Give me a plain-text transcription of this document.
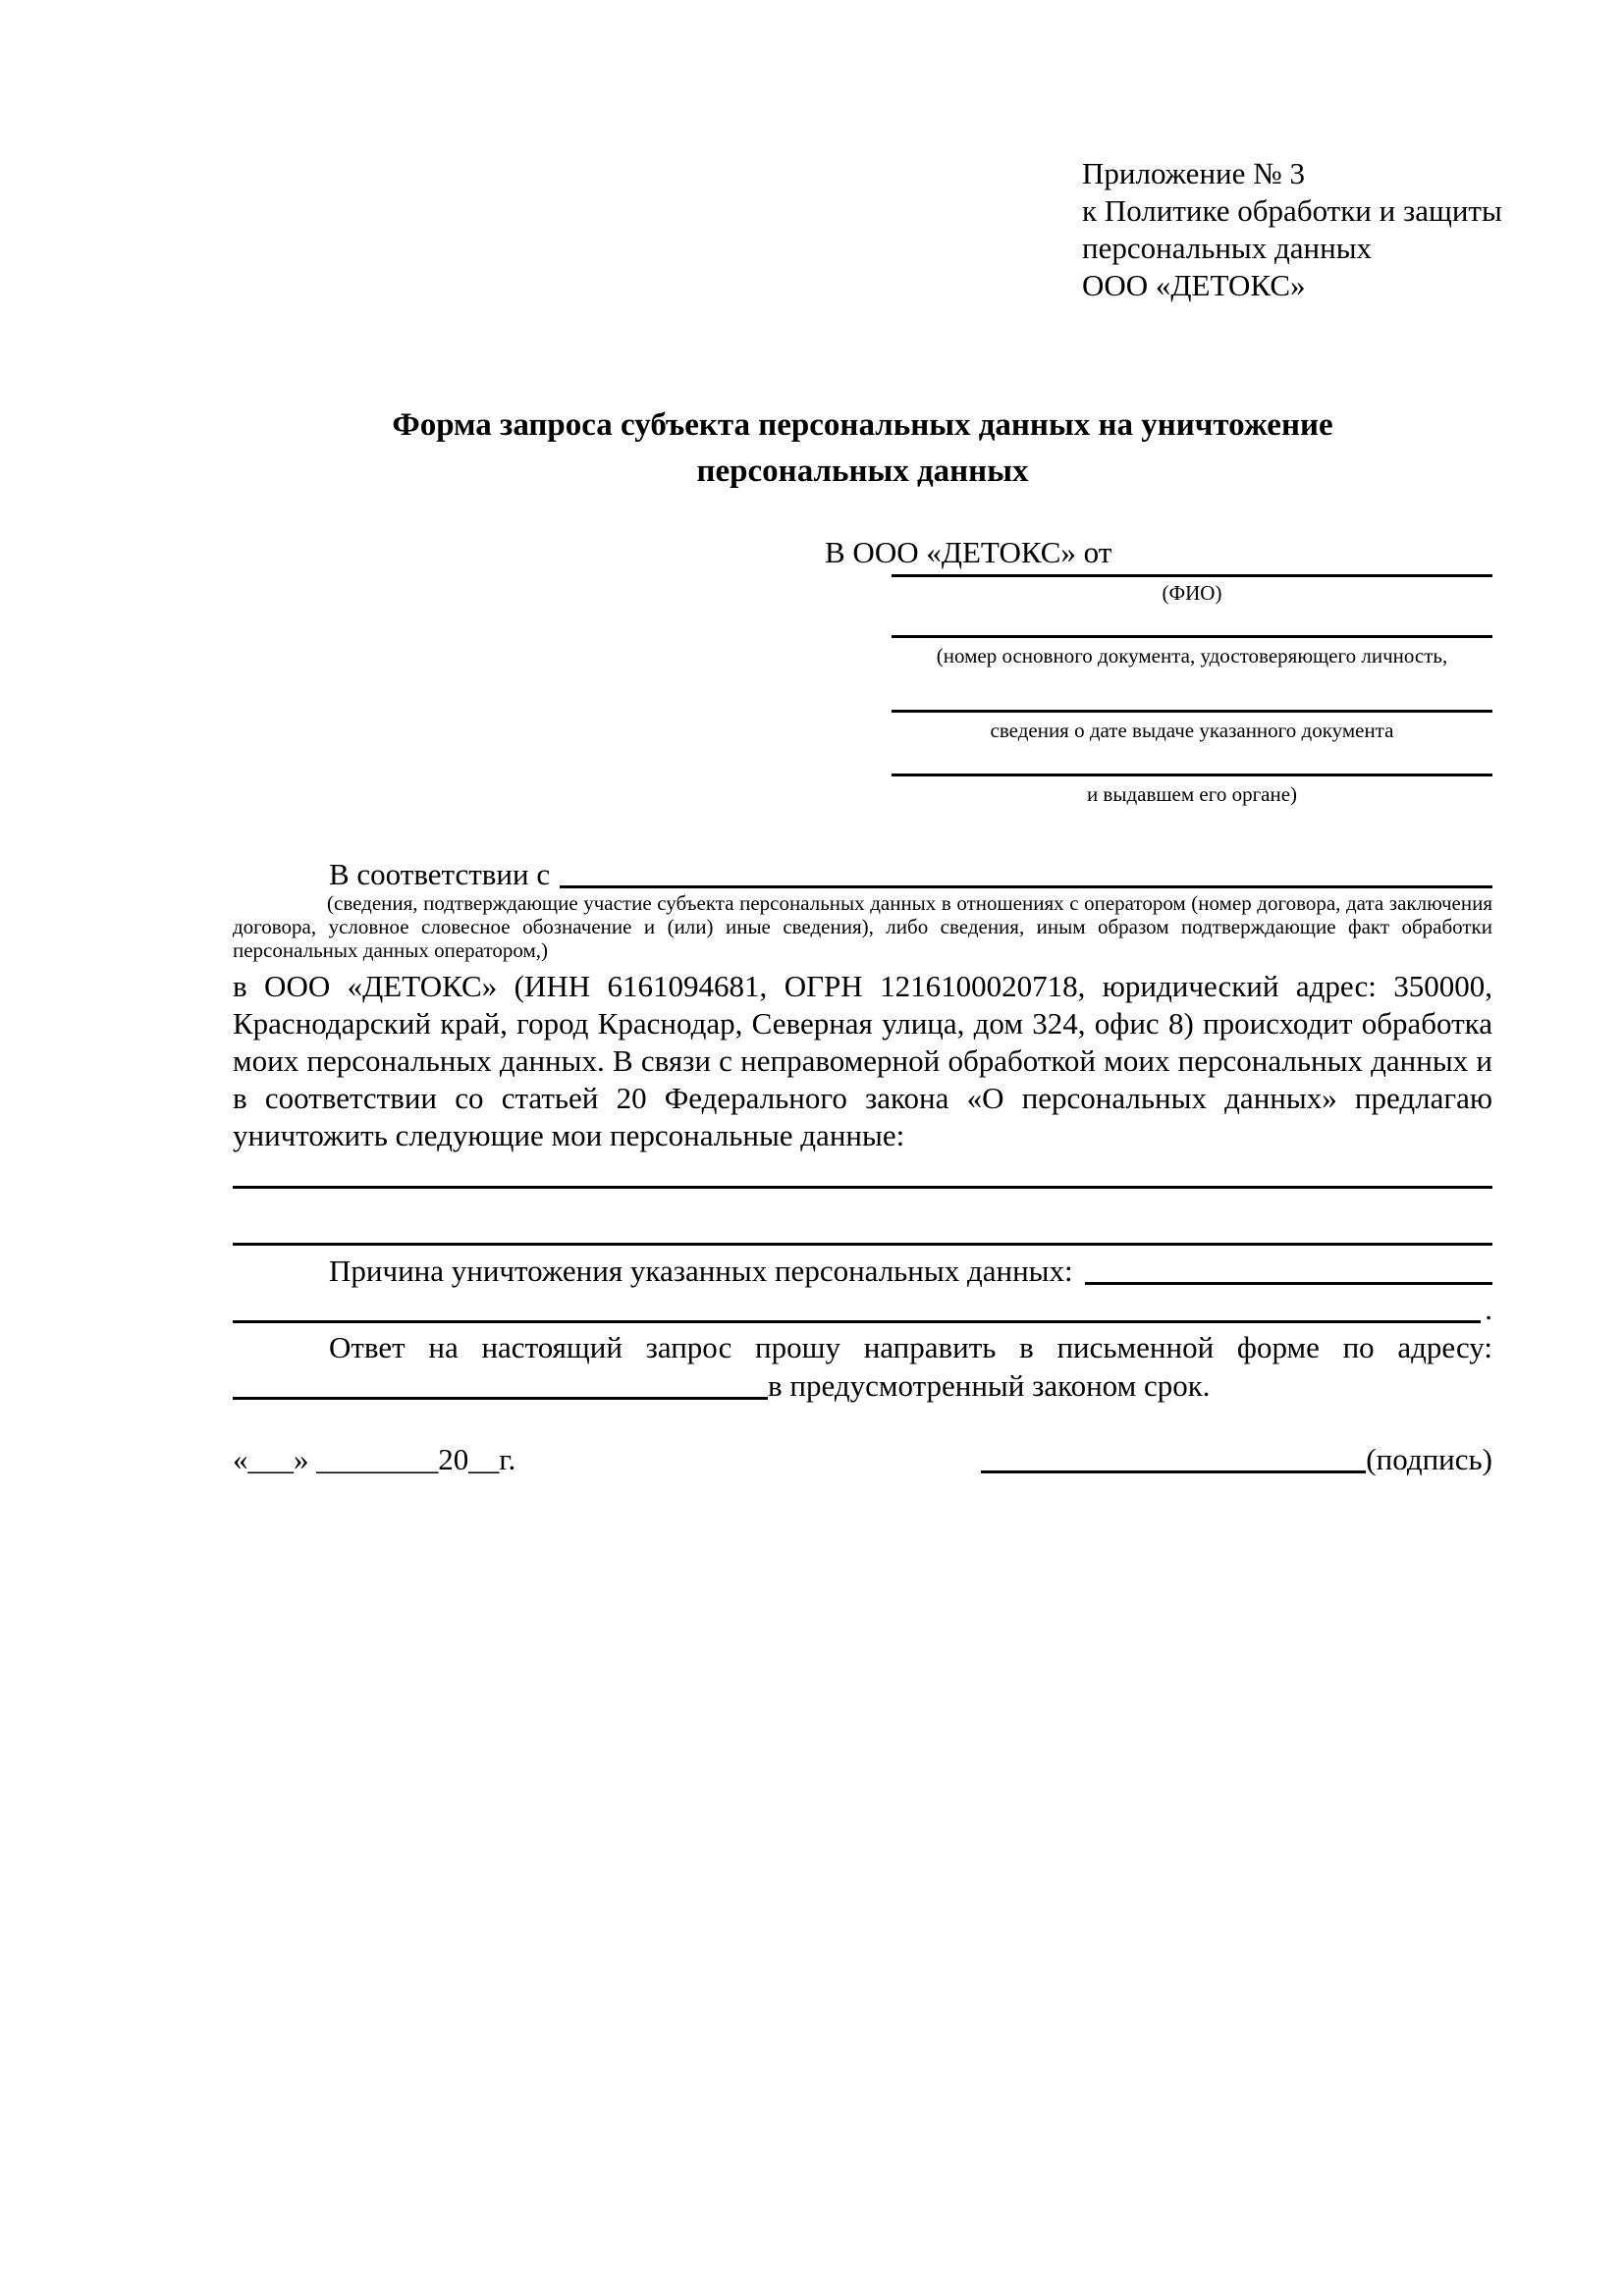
Приложение № 3
к Политике обработки и защиты
персональных данных
ООО «ДЕТОКС»
Форма запроса субъекта персональных данных на уничтожение персональных данных
В ООО «ДЕТОКС» от
(ФИО)
(номер основного документа, удостоверяющего личность,
сведения о дате выдаче указанного документа
и выдавшем его органе)
В соответствии с
(сведения, подтверждающие участие субъекта персональных данных в отношениях с оператором (номер договора, дата заключения договора, условное словесное обозначение и (или) иные сведения), либо сведения, иным образом подтверждающие факт обработки персональных данных оператором,)
в ООО «ДЕТОКС» (ИНН 6161094681, ОГРН 1216100020718, юридический адрес: 350000, Краснодарский край, город Краснодар, Северная улица, дом 324, офис 8) происходит обработка моих персональных данных. В связи с неправомерной обработкой моих персональных данных и в соответствии со статьей 20 Федерального закона «О персональных данных» предлагаю уничтожить следующие мои персональные данные:
Причина уничтожения указанных персональных данных:
.
Ответ на настоящий запрос прошу направить в письменной форме по адресу:
в предусмотренный законом срок.
«___» ________20__г.	(подпись)
